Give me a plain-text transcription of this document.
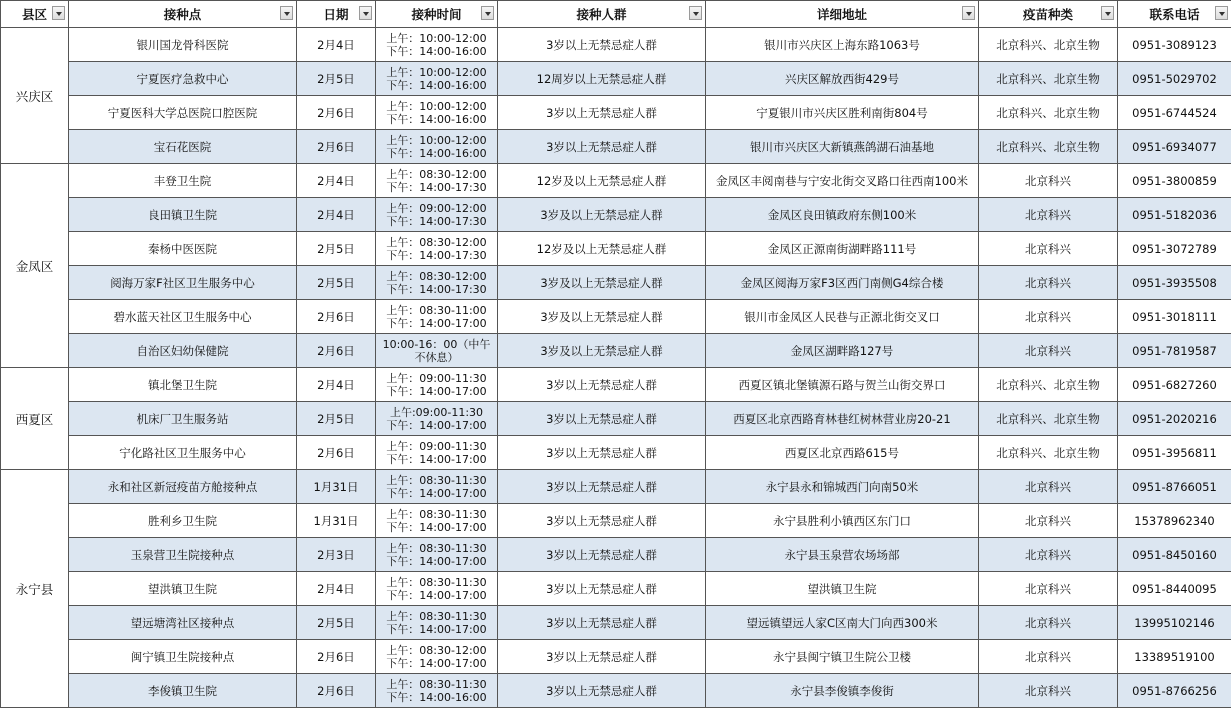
县区	接种点	日期	接种时间	接种人群	详细地址	疫苗种类	联系电话

兴庆区	银川国龙骨科医院	2月4日	上午：10:00-12:00
下午：14:00-16:00	3岁以上无禁忌症人群	银川市兴庆区上海东路1063号	北京科兴、北京生物	0951-3089123
	宁夏医疗急救中心	2月5日	上午：10:00-12:00
下午：14:00-16:00	12周岁以上无禁忌症人群	兴庆区解放西街429号	北京科兴、北京生物	0951-5029702
	宁夏医科大学总医院口腔医院	2月6日	上午：10:00-12:00
下午：14:00-16:00	3岁以上无禁忌症人群	宁夏银川市兴庆区胜利南街804号	北京科兴、北京生物	0951-6744524
	宝石花医院	2月6日	上午：10:00-12:00
下午：14:00-16:00	3岁以上无禁忌症人群	银川市兴庆区大新镇燕鸽湖石油基地	北京科兴、北京生物	0951-6934077
金凤区	丰登卫生院	2月4日	上午：08:30-12:00
下午：14:00-17:30	12岁及以上无禁忌症人群	金凤区丰阅南巷与宁安北街交叉路口往西南100米	北京科兴	0951-3800859
	良田镇卫生院	2月4日	上午：09:00-12:00
下午：14:00-17:30	3岁及以上无禁忌症人群	金凤区良田镇政府东侧100米	北京科兴	0951-5182036
	秦杨中医医院	2月5日	上午：08:30-12:00
下午：14:00-17:30	12岁及以上无禁忌症人群	金凤区正源南街湖畔路111号	北京科兴	0951-3072789
	阅海万家F社区卫生服务中心	2月5日	上午：08:30-12:00
下午：14:00-17:30	3岁及以上无禁忌症人群	金凤区阅海万家F3区西门南侧G4综合楼	北京科兴	0951-3935508
	碧水蓝天社区卫生服务中心	2月6日	上午：08:30-11:00
下午：14:00-17:00	3岁及以上无禁忌症人群	银川市金凤区人民巷与正源北街交叉口	北京科兴	0951-3018111
	自治区妇幼保健院	2月6日	10:00-16：00（中午
不休息）	3岁及以上无禁忌症人群	金凤区湖畔路127号	北京科兴	0951-7819587
西夏区	镇北堡卫生院	2月4日	上午：09:00-11:30
下午：14:00-17:00	3岁以上无禁忌症人群	西夏区镇北堡镇源石路与贺兰山街交界口	北京科兴、北京生物	0951-6827260
	机床厂卫生服务站	2月5日	上午:09:00-11:30
下午：14:00-17:00	3岁以上无禁忌症人群	西夏区北京西路育林巷红树林营业房20-21	北京科兴、北京生物	0951-2020216
	宁化路社区卫生服务中心	2月6日	上午：09:00-11:30
下午：14:00-17:00	3岁以上无禁忌症人群	西夏区北京西路615号	北京科兴、北京生物	0951-3956811
永宁县	永和社区新冠疫苗方舱接种点	1月31日	上午：08:30-11:30
下午：14:00-17:00	3岁以上无禁忌症人群	永宁县永和锦城西门向南50米	北京科兴	0951-8766051
	胜利乡卫生院	1月31日	上午：08:30-11:30
下午：14:00-17:00	3岁以上无禁忌症人群	永宁县胜利小镇西区东门口	北京科兴	15378962340
	玉泉营卫生院接种点	2月3日	上午：08:30-11:30
下午：14:00-17:00	3岁以上无禁忌症人群	永宁县玉泉营农场场部	北京科兴	0951-8450160
	望洪镇卫生院	2月4日	上午：08:30-11:30
下午：14:00-17:00	3岁以上无禁忌症人群	望洪镇卫生院	北京科兴	0951-8440095
	望远塘湾社区接种点	2月5日	上午：08:30-11:30
下午：14:00-17:00	3岁以上无禁忌症人群	望远镇望远人家C区南大门向西300米	北京科兴	13995102146
	闽宁镇卫生院接种点	2月6日	上午：08:30-12:00
下午：14:00-17:00	3岁以上无禁忌症人群	永宁县闽宁镇卫生院公卫楼	北京科兴	13389519100
	李俊镇卫生院	2月6日	上午：08:30-11:30
下午：14:00-16:00	3岁以上无禁忌症人群	永宁县李俊镇李俊街	北京科兴	0951-8766256
